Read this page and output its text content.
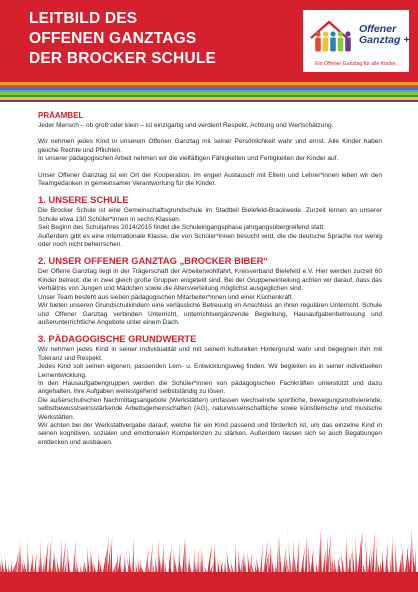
LEITBILD DES
OFFENEN GANZTAGS
DER BROCKER SCHULE
Offener
Ganztag +
Ein Offener Ganztag für alle Kinder.
PRÄAMBEL

Jeder Mensch – ob groß oder klein – ist einzigartig und verdient Respekt, Achtung und Wertschätzung.

Wir nehmen jedes Kind in unserem Offenen Ganztag mit seiner Persönlichkeit wahr und ernst. Alle Kinder haben gleiche Rechte und Pflichten.

In unserer pädagogischen Arbeit nehmen wir die vielfältigen Fähigkeiten und Fertigkeiten der Kinder auf.

Unser Offener Ganztag ist ein Ort der Kooperation. Im engen Austausch mit Eltern und Lehrer*innen leben wir den Teamgedanken in gemeinsamer Verantwortung für die Kinder.

1. UNSERE SCHULE

Die Brocker Schule ist eine Gemeinschaftsgrundschule im Stadtteil Bielefeld-Brackwede. Zurzeit lernen an unserer Schule etwa 130 Schüler*innen in sechs Klassen.

Seit Beginn des Schuljahres 2014/2015 findet die Schuleingangsphase jahrgangsübergreifend statt.

Außerdem gibt es eine internationale Klasse, die von Schüler*innen besucht wird, die die deutsche Sprache nur wenig oder noch nicht beherrschen.

2. UNSER OFFENER GANZTAG „BROCKER BIBER“

Der Offene Ganztag liegt in der Trägerschaft der Arbeiterwohlfahrt, Kreisverband Bielefeld e.V. Hier werden zurzeit 60 Kinder betreut, die in zwei gleich große Gruppen eingeteilt sind. Bei der Gruppeneinteilung achten wir darauf, dass das Verhältnis von Jungen und Mädchen sowie die Altersverteilung möglichst ausgeglichen sind.

Unser Team besteht aus sieben pädagogischen Mitarbeiter*innen und einer Küchenkraft.

Wir bieten unseren Grundschulkindern eine verlässliche Betreuung im Anschluss an ihren regulären Unterricht. Schule und Offener Ganztag verbinden Unterricht, unterrichtsergänzende Begleitung, Hausaufgabenbetreuung und außerunterrichtliche Angebote unter einem Dach.

3. PÄDAGOGISCHE GRUNDWERTE

Wir nehmen jedes Kind in seiner Individualität und mit seinem kulturellen Hintergrund wahr und begegnen ihm mit Toleranz und Respekt.

Jedes Kind soll seinen eigenen, passenden Lern- u. Entwicklungsweg finden. Wir begleiten es in seiner individuellen Lernentwicklung.

In den Hausaufgabengruppen werden die Schüler*innen von pädagogischen Fachkräften unterstützt und dazu angehalten, ihre Aufgaben weitestgehend selbstständig zu lösen.

Die außerschulischen Nachmittagsangebote (Werkstätten) umfassen wechselnde sportliche, bewegungsmotivierende, selbstbewusstseinsstärkende Arbeitsgemeinschaften (AG), naturwissenschaftliche sowie künstlerische und musische Werkstätten.

Wir achten bei der Werkstattvergabe darauf, welche für ein Kind passend und förderlich ist, um das einzelne Kind in seinen kognitiven, sozialen und emotionalen Kompetenzen zu stärken. Außerdem lassen sich so auch Begabungen entdecken und ausbauen.
